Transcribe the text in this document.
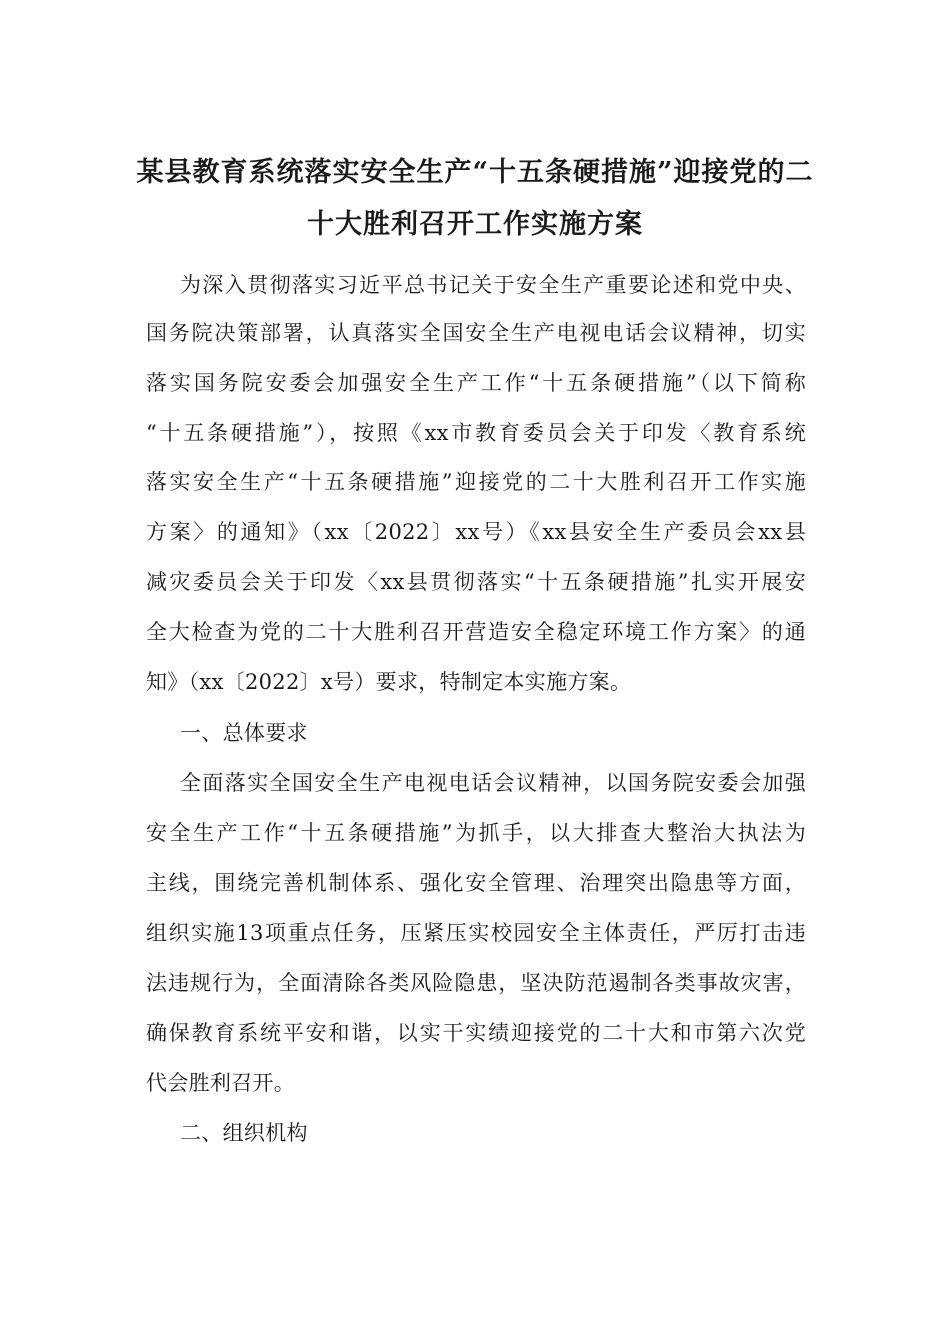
某县教育系统落实安全生产“十五条硬措施”迎接党的二
十大胜利召开工作实施方案
为深入贯彻落实习近平总书记关于安全生产重要论述和党中央、
国务院决策部署，认真落实全国安全生产电视电话会议精神，切实
落实国务院安委会加强安全生产工作“十五条硬措施”（以下简称
“十五条硬措施”），按照《xx市教育委员会关于印发〈教育系统
落实安全生产“十五条硬措施”迎接党的二十大胜利召开工作实施
方案〉的通知》（xx〔2022〕xx号）《xx县安全生产委员会xx县
减灾委员会关于印发〈xx县贯彻落实“十五条硬措施”扎实开展安
全大检查为党的二十大胜利召开营造安全稳定环境工作方案〉的通
知》（xx〔2022〕x号）要求，特制定本实施方案。
一、总体要求
全面落实全国安全生产电视电话会议精神，以国务院安委会加强
安全生产工作“十五条硬措施”为抓手，以大排查大整治大执法为
主线，围绕完善机制体系、强化安全管理、治理突出隐患等方面，
组织实施13项重点任务，压紧压实校园安全主体责任，严厉打击违
法违规行为，全面清除各类风险隐患，坚决防范遏制各类事故灾害，
确保教育系统平安和谐，以实干实绩迎接党的二十大和市第六次党
代会胜利召开。
二、组织机构
